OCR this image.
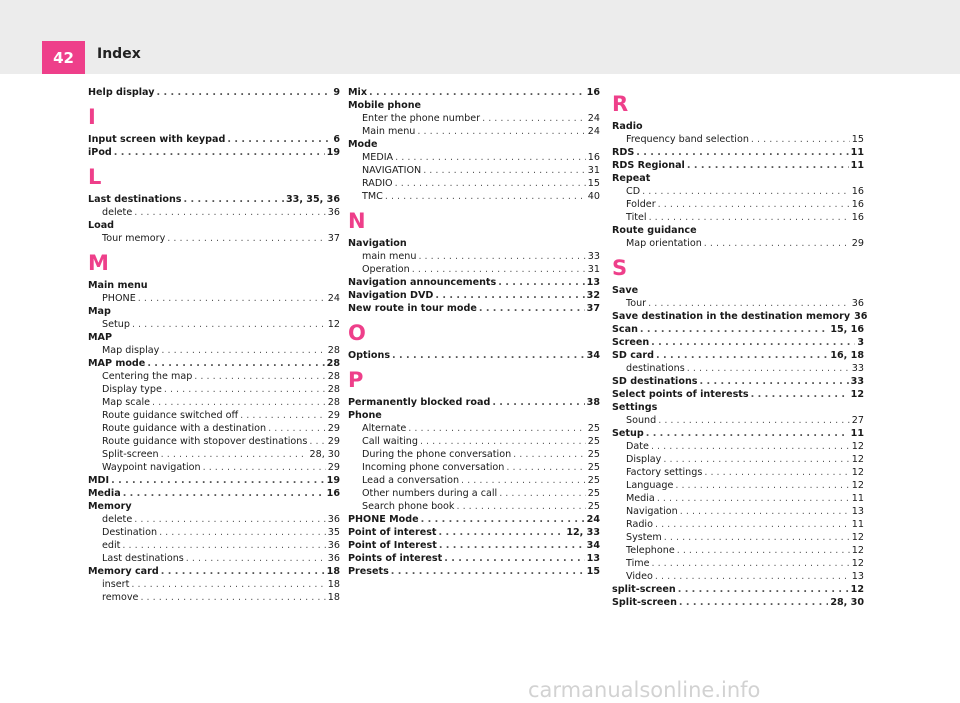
42	Index
Help display . . .	9
I
Input screen with keypad . . .	6
iPod . . .	19
L
Last destinations . . .	33, 35, 36
delete . . .	36
Load
Tour memory . . .	37
M
Main menu
PHONE . . .	24
Map
Setup . . .	12
MAP
Map display . . .	28
MAP mode . . .	28
Centering the map . . .	28
Display type . . .	28
Map scale . . .	28
Route guidance switched off . . .	29
Route guidance with a destination . . .	29
Route guidance with stopover destinations . . . 29
Split-screen . . .	28, 30
Waypoint navigation . . .	29
MDI . . .	19
Media . . .	16
Memory
delete . . .	36
Destination . . .	35
edit . . .	36
Last destinations . . .	36
Memory card . . .	18
insert . . .	18
remove . . .	18
Mix . . .	16
Mobile phone
Enter the phone number . . .	24
Main menu . . .	24
Mode
MEDIA . . .	16
NAVIGATION . . .	31
RADIO . . .	15
TMC . . .	40
N
Navigation
main menu . . .	33
Operation . . .	31
Navigation announcements . . .	13
Navigation DVD . . .	32
New route in tour mode . . .	37
O
Options . . .	34
P
Permanently blocked road . . .	38
Phone
Alternate . . .	25
Call waiting . . .	25
During the phone conversation . . .	25
Incoming phone conversation . . .	25
Lead a conversation . . .	25
Other numbers during a call . . .	25
Search phone book . . .	25
PHONE Mode . . .	24
Point of interest . . .	12, 33
Point of Interest . . .	34
Points of interest . . .	13
Presets . . .	15
R
Radio
Frequency band selection . . .	15
RDS . . .	11
RDS Regional . . .	11
Repeat
CD . . .	16
Folder . . .	16
Titel . . .	16
Route guidance
Map orientation . . .	29
S
Save
Tour . . .	36
Save destination in the destination memory 36
Scan . . .	15, 16
Screen . . .	3
SD card . . .	16, 18
destinations . . .	33
SD destinations . . .	33
Select points of interests . . .	12
Settings
Sound . . .	27
Setup . . .	11
Date . . .	12
Display . . .	12
Factory settings . . .	12
Language . . .	12
Media . . .	11
Navigation . . .	13
Radio . . .	11
System . . .	12
Telephone . . .	12
Time . . .	12
Video . . .	13
split-screen . . .	12
Split-screen . . .	28, 30
carmanualsonline.info
